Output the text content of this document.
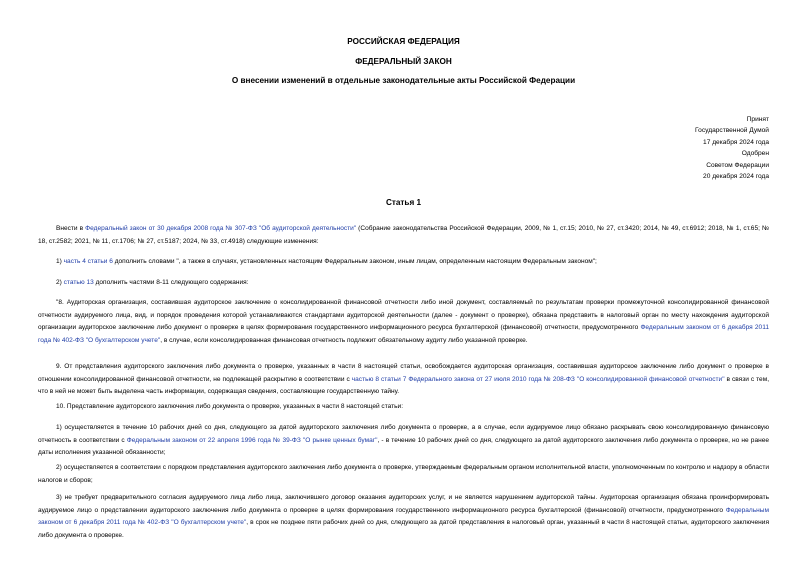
РОССИЙСКАЯ ФЕДЕРАЦИЯ
ФЕДЕРАЛЬНЫЙ ЗАКОН
О внесении изменений в отдельные законодательные акты Российской Федерации
Принят
Государственной Думой
17 декабря 2024 года
Одобрен
Советом Федерации
20 декабря 2024 года
Статья 1
Внести в Федеральный закон от 30 декабря 2008 года № 307-ФЗ "Об аудиторской деятельности" (Собрание законодательства Российской Федерации, 2009, № 1, ст.15; 2010, № 27, ст.3420; 2014, № 49, ст.6912; 2018, № 1, ст.65; № 18, ст.2582; 2021, № 11, ст.1706; № 27, ст.5187; 2024, № 33, ст.4918) следующие изменения:
1) часть 4 статьи 6 дополнить словами ", а также в случаях, установленных настоящим Федеральным законом, иным лицам, определенным настоящим Федеральным законом";
2) статью 13 дополнить частями 8-11 следующего содержания:
"8. Аудиторская организация, составившая аудиторское заключение о консолидированной финансовой отчетности либо иной документ, составляемый по результатам проверки промежуточной консолидированной финансовой отчетности аудируемого лица, вид, и порядок проведения которой устанавливаются стандартами аудиторской деятельности (далее - документ о проверке), обязана представить в налоговый орган по месту нахождения аудиторской организации аудиторское заключение либо документ о проверке в целях формирования государственного информационного ресурса бухгалтерской (финансовой) отчетности, предусмотренного Федеральным законом от 6 декабря 2011 года № 402-ФЗ "О бухгалтерском учете", в случае, если консолидированная финансовая отчетность подлежит обязательному аудиту либо указанной проверке.
9. От представления аудиторского заключения либо документа о проверке, указанных в части 8 настоящей статьи, освобождается аудиторская организация, составившая аудиторское заключение либо документ о проверке в отношении консолидированной финансовой отчетности, не подлежащей раскрытию в соответствии с частью 8 статьи 7 Федерального закона от 27 июля 2010 года № 208-ФЗ "О консолидированной финансовой отчетности" в связи с тем, что в ней не может быть выделена часть информации, содержащая сведения, составляющие государственную тайну.
10. Представление аудиторского заключения либо документа о проверке, указанных в части 8 настоящей статьи:
1) осуществляется в течение 10 рабочих дней со дня, следующего за датой аудиторского заключения либо документа о проверке, а в случае, если аудируемое лицо обязано раскрывать свою консолидированную финансовую отчетность в соответствии с Федеральным законом от 22 апреля 1996 года № 39-ФЗ "О рынке ценных бумаг", - в течение 10 рабочих дней со дня, следующего за датой аудиторского заключения либо документа о проверке, но не ранее даты исполнения указанной обязанности;
2) осуществляется в соответствии с порядком представления аудиторского заключения либо документа о проверке, утверждаемым федеральным органом исполнительной власти, уполномоченным по контролю и надзору в области налогов и сборов;
3) не требует предварительного согласия аудируемого лица либо лица, заключившего договор оказания аудиторских услуг, и не является нарушением аудиторской тайны. Аудиторская организация обязана проинформировать аудируемое лицо о представлении аудиторского заключения либо документа о проверке в целях формирования государственного информационного ресурса бухгалтерской (финансовой) отчетности, предусмотренного Федеральным законом от 6 декабря 2011 года № 402-ФЗ "О бухгалтерском учете", в срок не позднее пяти рабочих дней со дня, следующего за датой представления в налоговый орган, указанный в части 8 настоящей статьи, аудиторского заключения либо документа о проверке.
